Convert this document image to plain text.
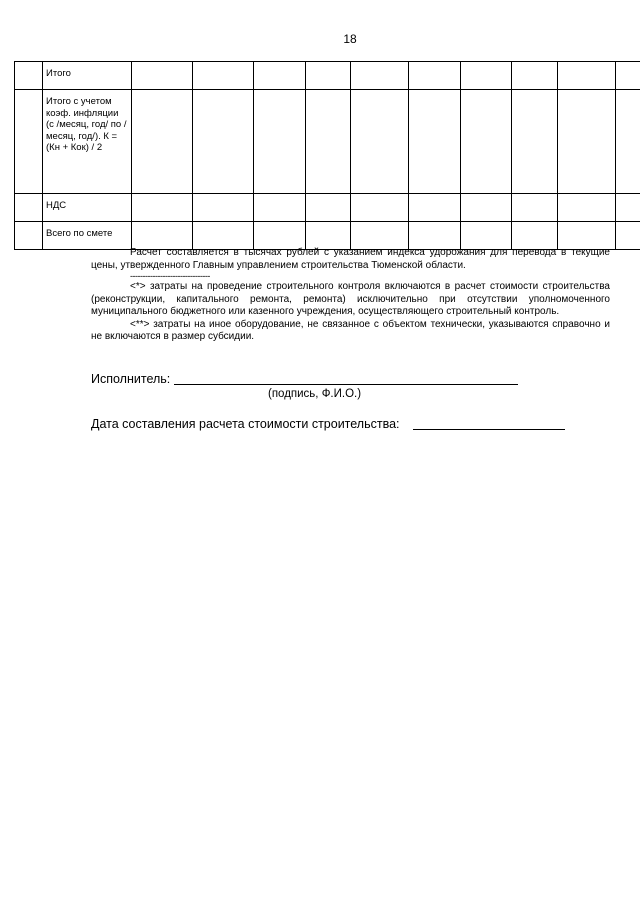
18
	Итого										
	Итого с учетом коэф. инфляции (с /месяц, год/ по /месяц, год/). К = (Кн + Кок) / 2										
	НДС										
	Всего по смете										

Расчет составляется в тысячах рублей с указанием индекса удорожания для перевода в текущие цены, утвержденного Главным управлением строительства Тюменской области.

--------------------------------

<*> затраты на проведение строительного контроля включаются в расчет стоимости строительства (реконструкции, капитального ремонта, ремонта) исключительно при отсутствии уполномоченного муниципального бюджетного или казенного учреждения, осуществляющего строительный контроль.

<**> затраты на иное оборудование, не связанное с объектом технически, указываются справочно и не включаются в размер субсидии.

Исполнитель:
(подпись, Ф.И.О.)
Дата составления расчета стоимости строительства:
